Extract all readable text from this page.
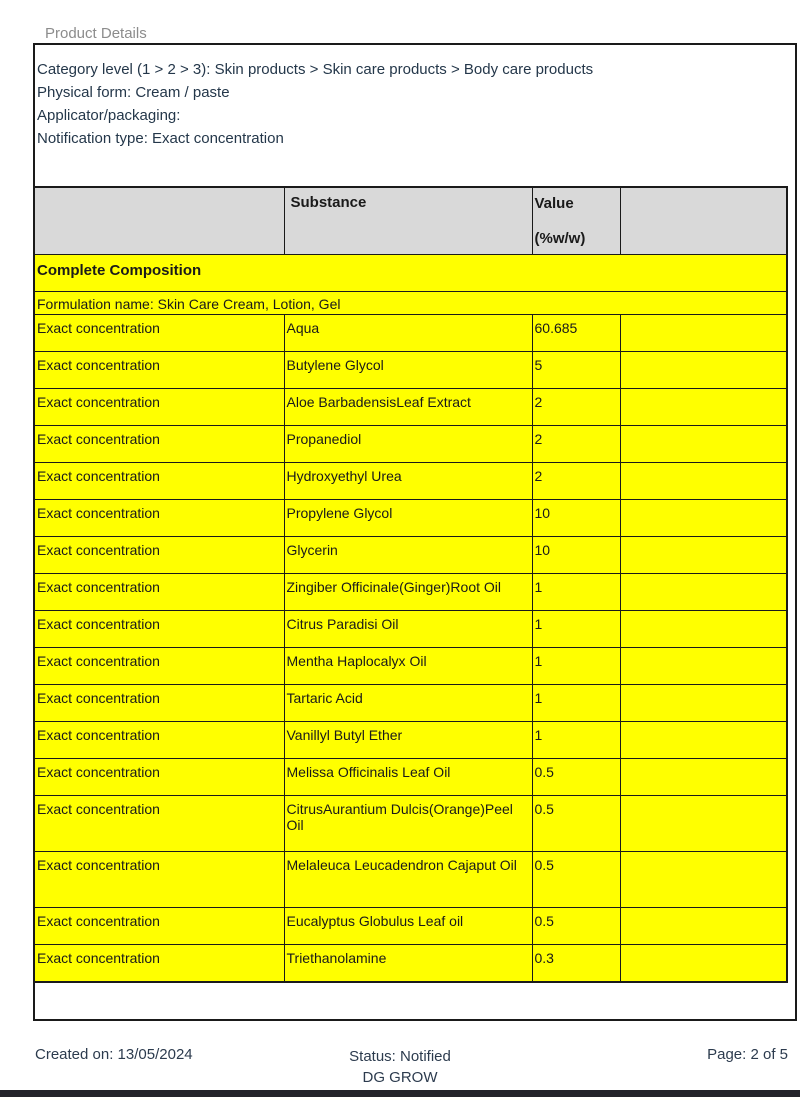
Product Details
Category level (1 > 2 > 3): Skin products > Skin care products > Body care products
Physical form: Cream / paste
Applicator/packaging:
Notification type: Exact concentration
	Substance	Value
(%w/w)	

Complete Composition			
Formulation name: Skin Care Cream, Lotion, Gel			
Exact concentration	Aqua	60.685	
Exact concentration	Butylene Glycol	5	
Exact concentration	Aloe BarbadensisLeaf Extract	2	
Exact concentration	Propanediol	2	
Exact concentration	Hydroxyethyl Urea	2	
Exact concentration	Propylene Glycol	10	
Exact concentration	Glycerin	10	
Exact concentration	Zingiber Officinale(Ginger)Root Oil	1	
Exact concentration	Citrus Paradisi Oil	1	
Exact concentration	Mentha Haplocalyx Oil	1	
Exact concentration	Tartaric Acid	1	
Exact concentration	Vanillyl Butyl Ether	1	
Exact concentration	Melissa Officinalis Leaf Oil	0.5	
Exact concentration	CitrusAurantium Dulcis(Orange)Peel Oil	0.5	
Exact concentration	Melaleuca Leucadendron Cajaput Oil	0.5	
Exact concentration	Eucalyptus Globulus Leaf oil	0.5	
Exact concentration	Triethanolamine	0.3	
Created on: 13/05/2024	Status: Notified
DG GROW
Page: 2 of 5
